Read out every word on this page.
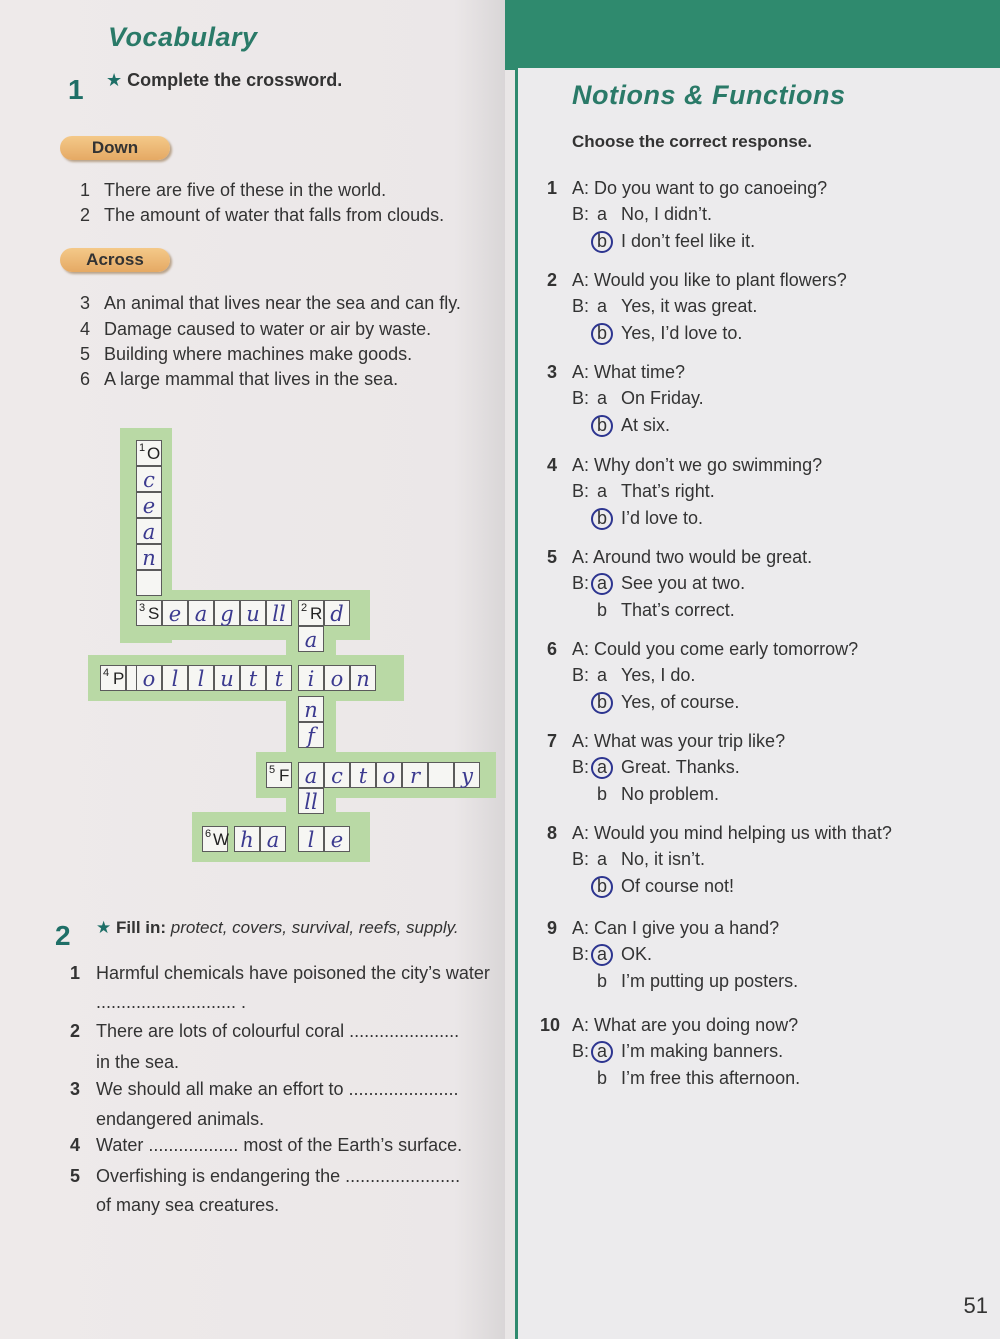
Vocabulary
1 ★ Complete the crossword.
Down
1 There are five of these in the world.
2 The amount of water that falls from clouds.
Across
3 An animal that lives near the sea and can fly.
4 Damage caused to water or air by waste.
5 Building where machines make goods.
6 A large mammal that lives in the sea.
1 O
c
e
a
n
3 S e a g u ll	2 R d
a
n
f
ll
4 P o l l u t t	i o n
5 F a c t o r	y
6 W h a	l e
2 ★ Fill in: protect, covers, survival, reefs, supply.
1 Harmful chemicals have poisoned the city’s water
............................ .
2 There are lots of colourful coral ......................
in the sea.
3 We should all make an effort to ......................
endangered animals.
4 Water .................. most of the Earth’s surface.
5 Overfishing is endangering the .......................
of many sea creatures.
Notions & Functions
Choose the correct response.
1 A: Do you want to go canoeing?
B: a No, I didn’t.
b I don’t feel like it.
2 A: Would you like to plant flowers?
B: a Yes, it was great.
b Yes, I’d love to.
3 A: What time?
B: a On Friday.
b At six.
4 A: Why don’t we go swimming?
B: a That’s right.
b I’d love to.
5 A: Around two would be great.
B: a See you at two.
b That’s correct.
6 A: Could you come early tomorrow?
B: a Yes, I do.
b Yes, of course.
7 A: What was your trip like?
B: a Great. Thanks.
b No problem.
8 A: Would you mind helping us with that?
B: a No, it isn’t.
b Of course not!
9 A: Can I give you a hand?
B: a OK.
b I’m putting up posters.
10 A: What are you doing now?
B: a I’m making banners.
b I’m free this afternoon.
51
